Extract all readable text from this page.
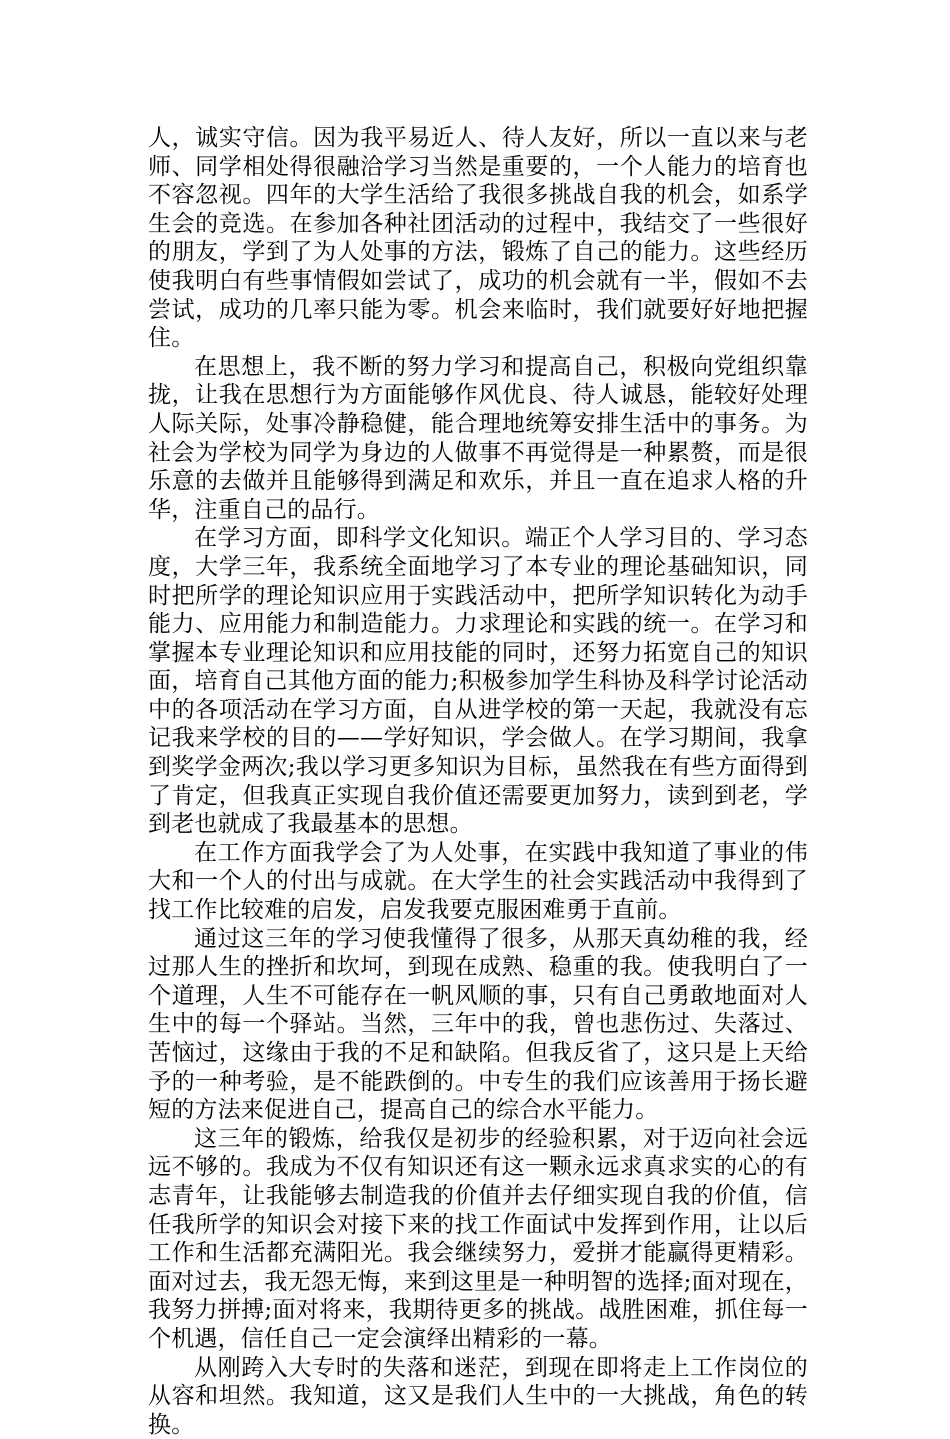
人，诚实守信。因为我平易近人、待人友好，所以一直以来与老师、同学相处得很融洽学习当然是重要的，一个人能力的培育也不容忽视。四年的大学生活给了我很多挑战自我的机会，如系学生会的竞选。在参加各种社团活动的过程中，我结交了一些很好的朋友，学到了为人处事的方法，锻炼了自己的能力。这些经历使我明白有些事情假如尝试了，成功的机会就有一半，假如不去尝试，成功的几率只能为零。机会来临时，我们就要好好地把握住。

在思想上，我不断的努力学习和提高自己，积极向党组织靠拢，让我在思想行为方面能够作风优良、待人诚恳，能较好处理人际关际，处事冷静稳健，能合理地统筹安排生活中的事务。为社会为学校为同学为身边的人做事不再觉得是一种累赘，而是很乐意的去做并且能够得到满足和欢乐，并且一直在追求人格的升华，注重自己的品行。

在学习方面，即科学文化知识。端正个人学习目的、学习态度，大学三年，我系统全面地学习了本专业的理论基础知识，同时把所学的理论知识应用于实践活动中，把所学知识转化为动手能力、应用能力和制造能力。力求理论和实践的统一。在学习和掌握本专业理论知识和应用技能的同时，还努力拓宽自己的知识面，培育自己其他方面的能力;积极参加学生科协及科学讨论活动中的各项活动在学习方面，自从进学校的第一天起，我就没有忘记我来学校的目的——学好知识，学会做人。在学习期间，我拿到奖学金两次;我以学习更多知识为目标，虽然我在有些方面得到了肯定，但我真正实现自我价值还需要更加努力，读到到老，学到老也就成了我最基本的思想。

在工作方面我学会了为人处事，在实践中我知道了事业的伟大和一个人的付出与成就。在大学生的社会实践活动中我得到了找工作比较难的启发，启发我要克服困难勇于直前。

通过这三年的学习使我懂得了很多，从那天真幼稚的我，经过那人生的挫折和坎坷，到现在成熟、稳重的我。使我明白了一个道理，人生不可能存在一帆风顺的事，只有自己勇敢地面对人生中的每一个驿站。当然，三年中的我，曾也悲伤过、失落过、苦恼过，这缘由于我的不足和缺陷。但我反省了，这只是上天给予的一种考验，是不能跌倒的。中专生的我们应该善用于扬长避短的方法来促进自己，提高自己的综合水平能力。

这三年的锻炼，给我仅是初步的经验积累，对于迈向社会远远不够的。我成为不仅有知识还有这一颗永远求真求实的心的有志青年，让我能够去制造我的价值并去仔细实现自我的价值，信任我所学的知识会对接下来的找工作面试中发挥到作用，让以后工作和生活都充满阳光。我会继续努力，爱拼才能赢得更精彩。面对过去，我无怨无悔，来到这里是一种明智的选择;面对现在，我努力拼搏;面对将来，我期待更多的挑战。战胜困难，抓住每一个机遇，信任自己一定会演绎出精彩的一幕。

从刚跨入大专时的失落和迷茫，到现在即将走上工作岗位的从容和坦然。我知道，这又是我们人生中的一大挑战，角色的转换。
